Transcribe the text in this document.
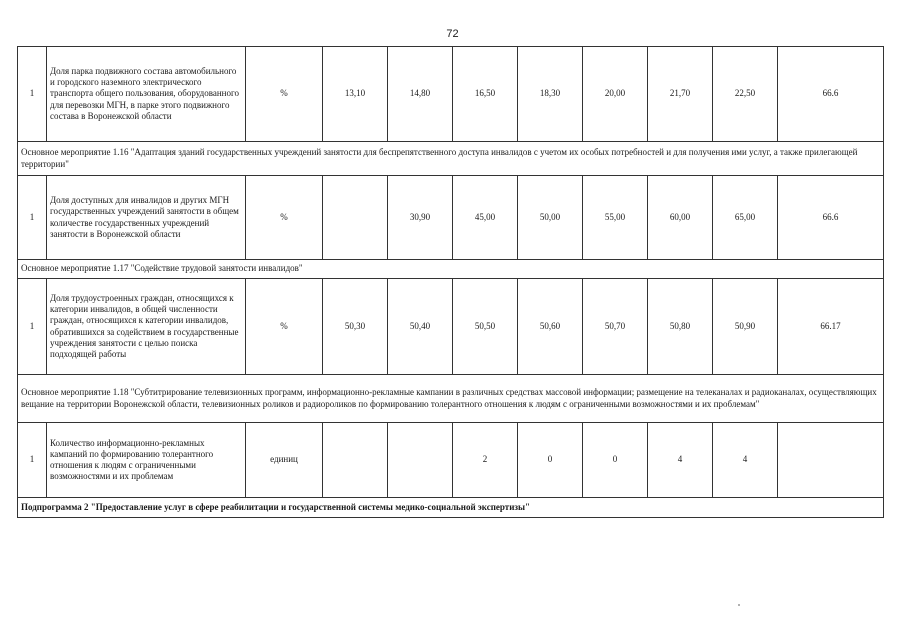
72
1	Доля парка подвижного состава автомобильного и городского наземного электрического транспорта общего пользования, оборудованного для перевозки МГН, в парке этого подвижного состава в Воронежской области	%	13,10	14,80	16,50	18,30	20,00	21,70	22,50	66.6
Основное мероприятие 1.16 "Адаптация зданий государственных учреждений занятости для беспрепятственного доступа инвалидов с учетом их особых потребностей и для получения ими услуг, а также прилегающей территории"										
1	Доля доступных для инвалидов и других МГН государственных учреждений занятости в общем количестве государственных учреждений занятости в Воронежской области	%		30,90	45,00	50,00	55,00	60,00	65,00	66.6
Основное мероприятие 1.17 "Содействие трудовой занятости инвалидов"										
1	Доля трудоустроенных граждан, относящихся к категории инвалидов, в общей численности граждан, относящихся к категории инвалидов, обратившихся за содействием в государственные учреждения занятости с целью поиска подходящей работы	%	50,30	50,40	50,50	50,60	50,70	50,80	50,90	66.17
Основное мероприятие 1.18 "Субтитрирование телевизионных программ, информационно-рекламные кампании в различных средствах массовой информации; размещение на телеканалах и радиоканалах, осуществляющих вещание на территории Воронежской области, телевизионных роликов и радиороликов по формированию толерантного отношения к людям с ограниченными возможностями и их проблемам"										
1	Количество информационно-рекламных кампаний по формированию толерантного отношения к людям с ограниченными возможностями и их проблемам	единиц			2	0	0	4	4	
Подпрограмма 2 "Предоставление услуг в сфере реабилитации и государственной системы медико-социальной экспертизы"										
